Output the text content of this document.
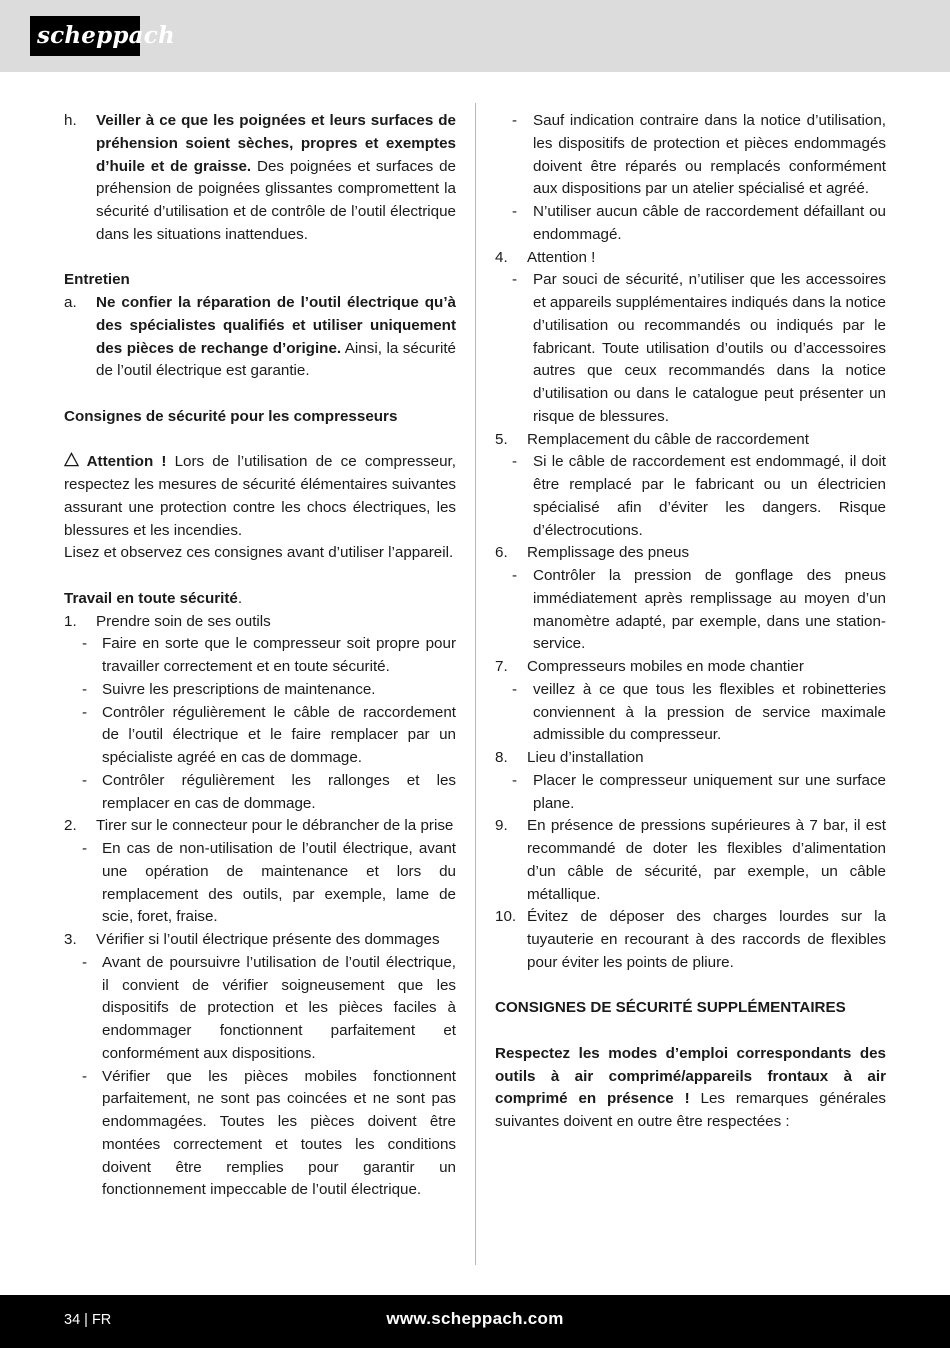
scheppach
h.	Veiller à ce que les poignées et leurs surfaces de préhension soient sèches, propres et exemptes d’huile et de graisse. Des poignées et surfaces de préhension de poignées glissantes compromettent la sécurité d’utilisation et de contrôle de l’outil électrique dans les situations inattendues.
Entretien
a.	Ne confier la réparation de l’outil électrique qu’à des spécialistes qualifiés et utiliser uniquement des pièces de rechange d’origine. Ainsi, la sécurité de l’outil électrique est garantie.
Consignes de sécurité pour les compresseurs
Attention ! Lors de l’utilisation de ce compresseur, respectez les mesures de sécurité élémentaires suivantes assurant une protection contre les chocs électriques, les blessures et les incendies.
Lisez et observez ces consignes avant d’utiliser l’appareil.
Travail en toute sécurité.
1.	Prendre soin de ses outils
- Faire en sorte que le compresseur soit propre pour travailler correctement et en toute sécurité.
- Suivre les prescriptions de maintenance.
- Contrôler régulièrement le câble de raccordement de l’outil électrique et le faire remplacer par un spécialiste agréé en cas de dommage.
- Contrôler régulièrement les rallonges et les remplacer en cas de dommage.
2.	Tirer sur le connecteur pour le débrancher de la prise
- En cas de non-utilisation de l’outil électrique, avant une opération de maintenance et lors du remplacement des outils, par exemple, lame de scie, foret, fraise.
3.	Vérifier si l’outil électrique présente des dommages
- Avant de poursuivre l’utilisation de l’outil électrique, il convient de vérifier soigneusement que les dispositifs de protection et les pièces faciles à endommager fonctionnent parfaitement et conformément aux dispositions.
- Vérifier que les pièces mobiles fonctionnent parfaitement, ne sont pas coincées et ne sont pas endommagées. Toutes les pièces doivent être montées correctement et toutes les conditions doivent être remplies pour garantir un fonctionnement impeccable de l’outil électrique.
-	Sauf indication contraire dans la notice d’utilisation, les dispositifs de protection et pièces endommagés doivent être réparés ou remplacés conformément aux dispositions par un atelier spécialisé et agréé.
-	N’utiliser aucun câble de raccordement défaillant ou endommagé.
4.	Attention !
-	Par souci de sécurité, n’utiliser que les accessoires et appareils supplémentaires indiqués dans la notice d’utilisation ou recommandés ou indiqués par le fabricant. Toute utilisation d’outils ou d’accessoires autres que ceux recommandés dans la notice d’utilisation ou dans le catalogue peut présenter un risque de blessures.
5.	Remplacement du câble de raccordement
-	Si le câble de raccordement est endommagé, il doit être remplacé par le fabricant ou un électricien spécialisé afin d’éviter les dangers. Risque d’électrocutions.
6.	Remplissage des pneus
-	Contrôler la pression de gonflage des pneus immédiatement après remplissage au moyen d’un manomètre adapté, par exemple, dans une station-service.
7.	Compresseurs mobiles en mode chantier
-	veillez à ce que tous les flexibles et robinetteries conviennent à la pression de service maximale admissible du compresseur.
8.	Lieu d’installation
-	Placer le compresseur uniquement sur une surface plane.
9.	En présence de pressions supérieures à 7 bar, il est recommandé de doter les flexibles d’alimentation d’un câble de sécurité, par exemple, un câble métallique.
10. Évitez de déposer des charges lourdes sur la tuyauterie en recourant à des raccords de flexibles pour éviter les points de pliure.
CONSIGNES DE SÉCURITÉ SUPPLÉMENTAIRES
Respectez les modes d’emploi correspondants des outils à air comprimé/appareils frontaux à air comprimé en présence ! Les remarques générales suivantes doivent en outre être respectées :
34 | FR	www.scheppach.com
